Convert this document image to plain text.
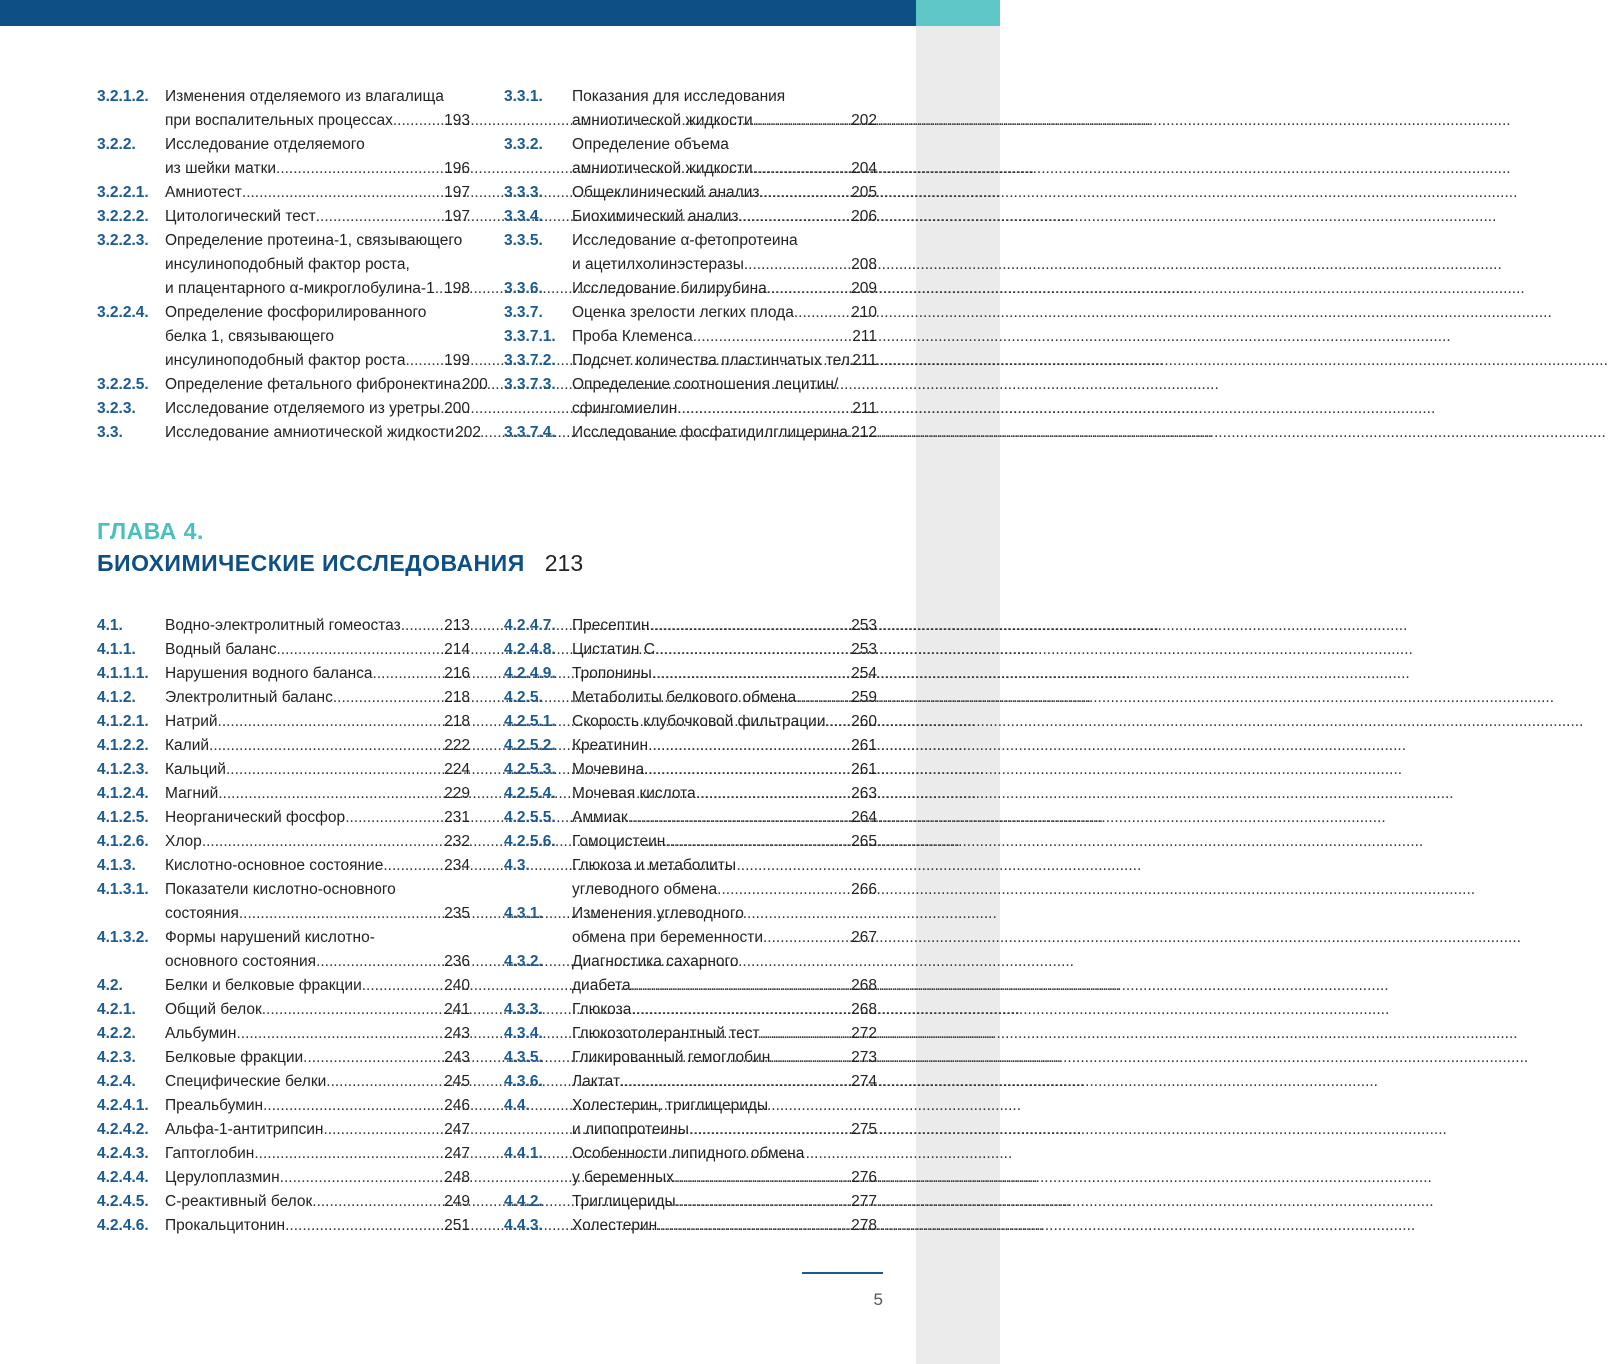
3.2.1.2.	Изменения отделяемого из влагалища
при воспалительных процессах .....	193
3.2.2.	Исследование отделяемого
из шейки матки .....	196
3.2.2.1.	Амниотест .....	197
3.2.2.2.	Цитологический тест .....	197
3.2.2.3.	Определение протеина-1, связывающего
инсулиноподобный фактор роста,
и плацентарного α-микроглобулина-1 ..... 198
3.2.2.4.	Определение фосфорилированного
белка 1, связывающего
инсулиноподобный фактор роста ..... 199
3.2.2.5.	Определение фетального фибронектина 200
3.2.3.	Исследование отделяемого из уретры ..... 200
3.3.	Исследование амниотической жидкости 202
3.3.1.	Показания для исследования
амниотической жидкости .....	202
3.3.2.	Определение объема
амниотической жидкости .....	204
3.3.3.	Общеклинический анализ .....	205
3.3.4.	Биохимический анализ .....	206
3.3.5.	Исследование α-фетопротеина
и ацетилхолинэстеразы .....	208
3.3.6.	Исследование билирубина .....	209
3.3.7.	Оценка зрелости легких плода .....	210
3.3.7.1.	Проба Клеменса .....	211
3.3.7.2.	Подсчет количества пластинчатых тел ..... 211
3.3.7.3.	Определение соотношения лецитин/
сфингомиелин .....	211
3.3.7.4.	Исследование фосфатидилглицерина ..... 212
ГЛАВА 4.
БИОХИМИЧЕСКИЕ ИССЛЕДОВАНИЯ 213
4.1.	Водно-электролитный гомеостаз .....	213
4.1.1.	Водный баланс .....	214
4.1.1.1.	Нарушения водного баланса .....	216
4.1.2.	Электролитный баланс .....	218
4.1.2.1.	Натрий .....	218
4.1.2.2.	Калий .....	222
4.1.2.3.	Кальций .....	224
4.1.2.4.	Магний .....	229
4.1.2.5.	Неорганический фосфор .....	231
4.1.2.6.	Хлор .....	232
4.1.3.	Кислотно-основное состояние .....	234
4.1.3.1.	Показатели кислотно-основного
состояния .....	235
4.1.3.2.	Формы нарушений кислотно-
основного состояния .....	236
4.2.	Белки и белковые фракции .....	240
4.2.1.	Общий белок .....	241
4.2.2.	Альбумин .....	243
4.2.3.	Белковые фракции .....	243
4.2.4.	Специфические белки .....	245
4.2.4.1.	Преальбумин .....	246
4.2.4.2.	Альфа-1-антитрипсин .....	247
4.2.4.3.	Гаптоглобин .....	247
4.2.4.4.	Церулоплазмин .....	248
4.2.4.5.	С-реактивный белок .....	249
4.2.4.6.	Прокальцитонин .....	251
4.2.4.7.	Пресептин .....	253
4.2.4.8.	Цистатин С .....	253
4.2.4.9.	Тропонины .....	254
4.2.5.	Метаболиты белкового обмена .....	259
4.2.5.1.	Скорость клубочковой фильтрации ..... 260
4.2.5.2.	Креатинин .....	261
4.2.5.3.	Мочевина .....	261
4.2.5.4.	Мочевая кислота .....	263
4.2.5.5.	Аммиак .....	264
4.2.5.6.	Гомоцистеин .....	265
4.3.	Глюкоза и метаболиты
углеводного обмена .....	266
4.3.1.	Изменения углеводного
обмена при беременности .....	267
4.3.2.	Диагностика сахарного
диабета .....	268
4.3.3.	Глюкоза .....	268
4.3.4.	Глюкозотолерантный тест .....	272
4.3.5.	Гликированный гемоглобин .....	273
4.3.6.	Лактат .....	274
4.4.	Холестерин, триглицериды
и липопротеины .....	275
4.4.1.	Особенности липидного обмена
у беременных .....	276
4.4.2.	Триглицериды .....	277
4.4.3.	Холестерин .....	278
5
